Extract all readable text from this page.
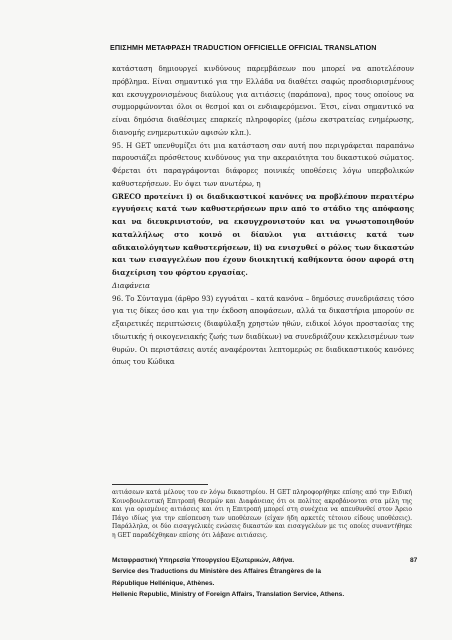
ΕΠΙΣΗΜΗ ΜΕΤΑΦΡΑΣΗ TRADUCTION OFFICIELLE OFFICIAL TRANSLATION

κατάσταση δημιουργεί κινδύνους παρεμβάσεων που μπορεί να αποτελέσουν πρόβλημα. Είναι σημαντικό για την Ελλάδα να διαθέτει σαφώς προσδιορισμένους και εκσυγχρονισμένους διαύλους για αιτιάσεις (παράπονα), προς τους οποίους να συμμορφώνονται όλοι οι θεσμοί και οι ενδιαφερόμενοι. Έτσι, είναι σημαντικό να είναι δημόσια διαθέσιμες επαρκείς πληροφορίες (μέσω εκστρατείας ενημέρωσης, διανομής ενημερωτικών αφισών κλπ.).

95. Η GET υπενθυμίζει ότι μια κατάσταση σαν αυτή που περιγράφεται παραπάνω παρουσιάζει πρόσθετους κινδύνους για την ακεραιότητα του δικαστικού σώματος. Φέρεται ότι παραγράφονται διάφορες ποινικές υποθέσεις λόγω υπερβολικών καθυστερήσεων. Εν όψει των ανωτέρω, η

GRECO προτείνει i) οι διαδικαστικοί κανόνες να προβλέπουν περαιτέρω εγγυήσεις κατά των καθυστερήσεων πριν από το στάδιο της απόφασης και να διευκρινιστούν, να εκσυγχρονιστούν και να γνωστοποιηθούν καταλλήλως στο κοινό οι δίαυλοι για αιτιάσεις κατά των αδικαιολόγητων καθυστερήσεων, ii) να ενισχυθεί ο ρόλος των δικαστών και των εισαγγελέων που έχουν διοικητική καθήκοντα όσον αφορά στη διαχείριση του φόρτου εργασίας.

Διαφάνεια

96. Το Σύνταγμα (άρθρο 93) εγγυάται – κατά κανόνα – δημόσιες συνεδριάσεις τόσο για τις δίκες όσο και για την έκδοση αποφάσεων, αλλά τα δικαστήρια μπορούν σε εξαιρετικές περιπτώσεις (διαφύλαξη χρηστών ηθών, ειδικοί λόγοι προστασίας της ιδιωτικής ή οικογενειακής ζωής των διαδίκων) να συνεδριάζουν κεκλεισμένων των θυρών. Οι περιστάσεις αυτές αναφέρονται λεπτομερώς σε διαδικαστικούς κανόνες όπως του Κώδικα

αιτιάσεων κατά μέλους του εν λόγω δικαστηρίου. Η GET πληροφορήθηκε επίσης από την Ειδική Κοινοβουλευτική Επιτροπή Θεσμών και Διαφάνειας ότι οι πολίτες ακροβάνονται στα μέλη της και για ορισμένες αιτιάσεις και ότι η Επιτροπή μπορεί στη συνέχεια να απευθυνθεί στον Άρειο Πάγο ιδίως για την επίσπευση των υποθέσεων (είχαν ήδη αρκετές τέτοιου είδους υποθέσεις). Παράλληλα, οι δύο εισαγγελικές ενώσεις δικαστών και εισαγγελέων με τις οποίες συναντήθηκε η GET παραδέχθηκαν επίσης ότι λάβανε αιτιάσεις.
Μεταφραστική Υπηρεσία Υπουργείου Εξωτερικών, Αθήνα.	87
Service des Traductions du Ministère des Affaires Étrangères de la
République Hellénique, Athènes.
Hellenic Republic, Ministry of Foreign Affairs, Translation Service, Athens.
